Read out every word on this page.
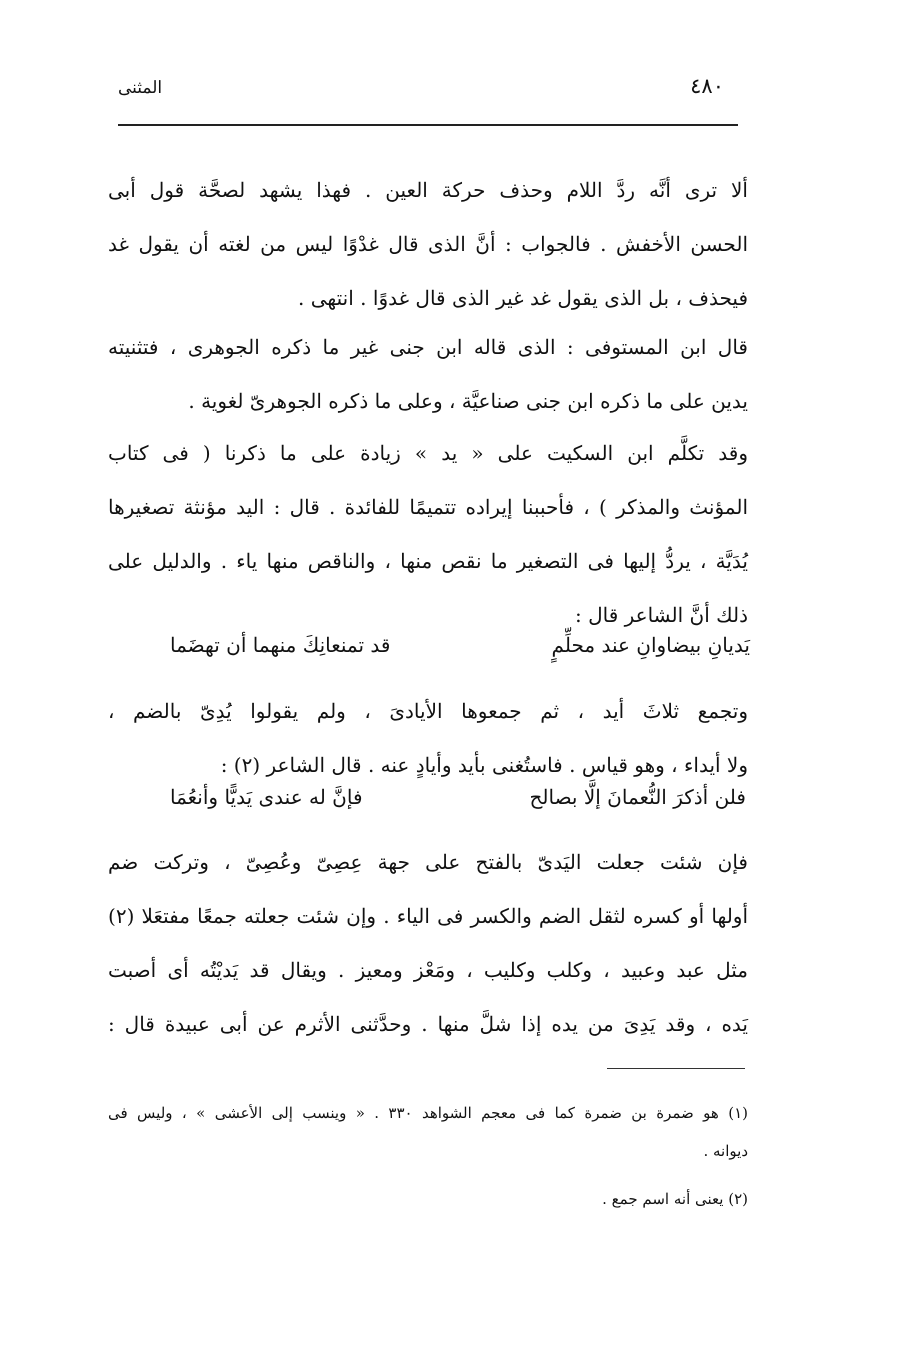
المثنى	٤٨٠
ألا ترى أنَّه ردَّ اللام وحذف حركة العين . فهذا يشهد لصحَّة قول أبى
الحسن الأخفش . فالجواب : أنَّ الذى قال غدْوًا ليس من لغته أن يقول غد
فيحذف ، بل الذى يقول غد غير الذى قال غدوًا . انتهى .
قال ابن المستوفى : الذى قاله ابن جنى غير ما ذكره الجوهرى ، فتثنيته
يدين على ما ذكره ابن جنى صناعيَّة ، وعلى ما ذكره الجوهرىّ لغوية .
وقد تكلَّم ابن السكيت على « يد » زيادة على ما ذكرنا ( فى كتاب
المؤنث والمذكر ) ، فأحببنا إيراده تتميمًا للفائدة . قال : اليد مؤنثة تصغيرها
يُدَيَّة ، يردُّ إليها فى التصغير ما نقص منها ، والناقص منها ياء . والدليل على
ذلك أنَّ الشاعر قال :
يَديانِ بيضاوانِ عند محلِّمٍ
قد تمنعانِكَ منهما أن تهضَما
وتجمع ثلاثَ أيد ، ثم جمعوها الأيادىَ ، ولم يقولوا يُدِىّ بالضم ،
ولا أيداء ، وهو قياس . فاستُغنى بأيد وأيادٍ عنه . قال الشاعر (٢) :
فلن أذكرَ النُّعمانَ إلَّا بصالح
فإنَّ له عندى يَديًّا وأنعُمَا
فإن شئت جعلت اليَدىّ بالفتح على جهة عِصِىّ وعُصِىّ ، وتركت ضم
أولها أو كسره لثقل الضم والكسر فى الياء . وإن شئت جعلته جمعًا مفتعَلا (٢)
مثل عبد وعبيد ، وكلب وكليب ، ومَعْز ومعيز . ويقال قد يَديْتُه أى أصبت
يَده ، وقد يَدِىَ من يده إذا شلَّ منها . وحدَّثنى الأثرم عن أبى عبيدة قال :
(١) هو ضمرة بن ضمرة كما فى معجم الشواهد ٣٣٠ . « وينسب إلى الأعشى » ، وليس فى
ديوانه .
(٢) يعنى أنه اسم جمع .
